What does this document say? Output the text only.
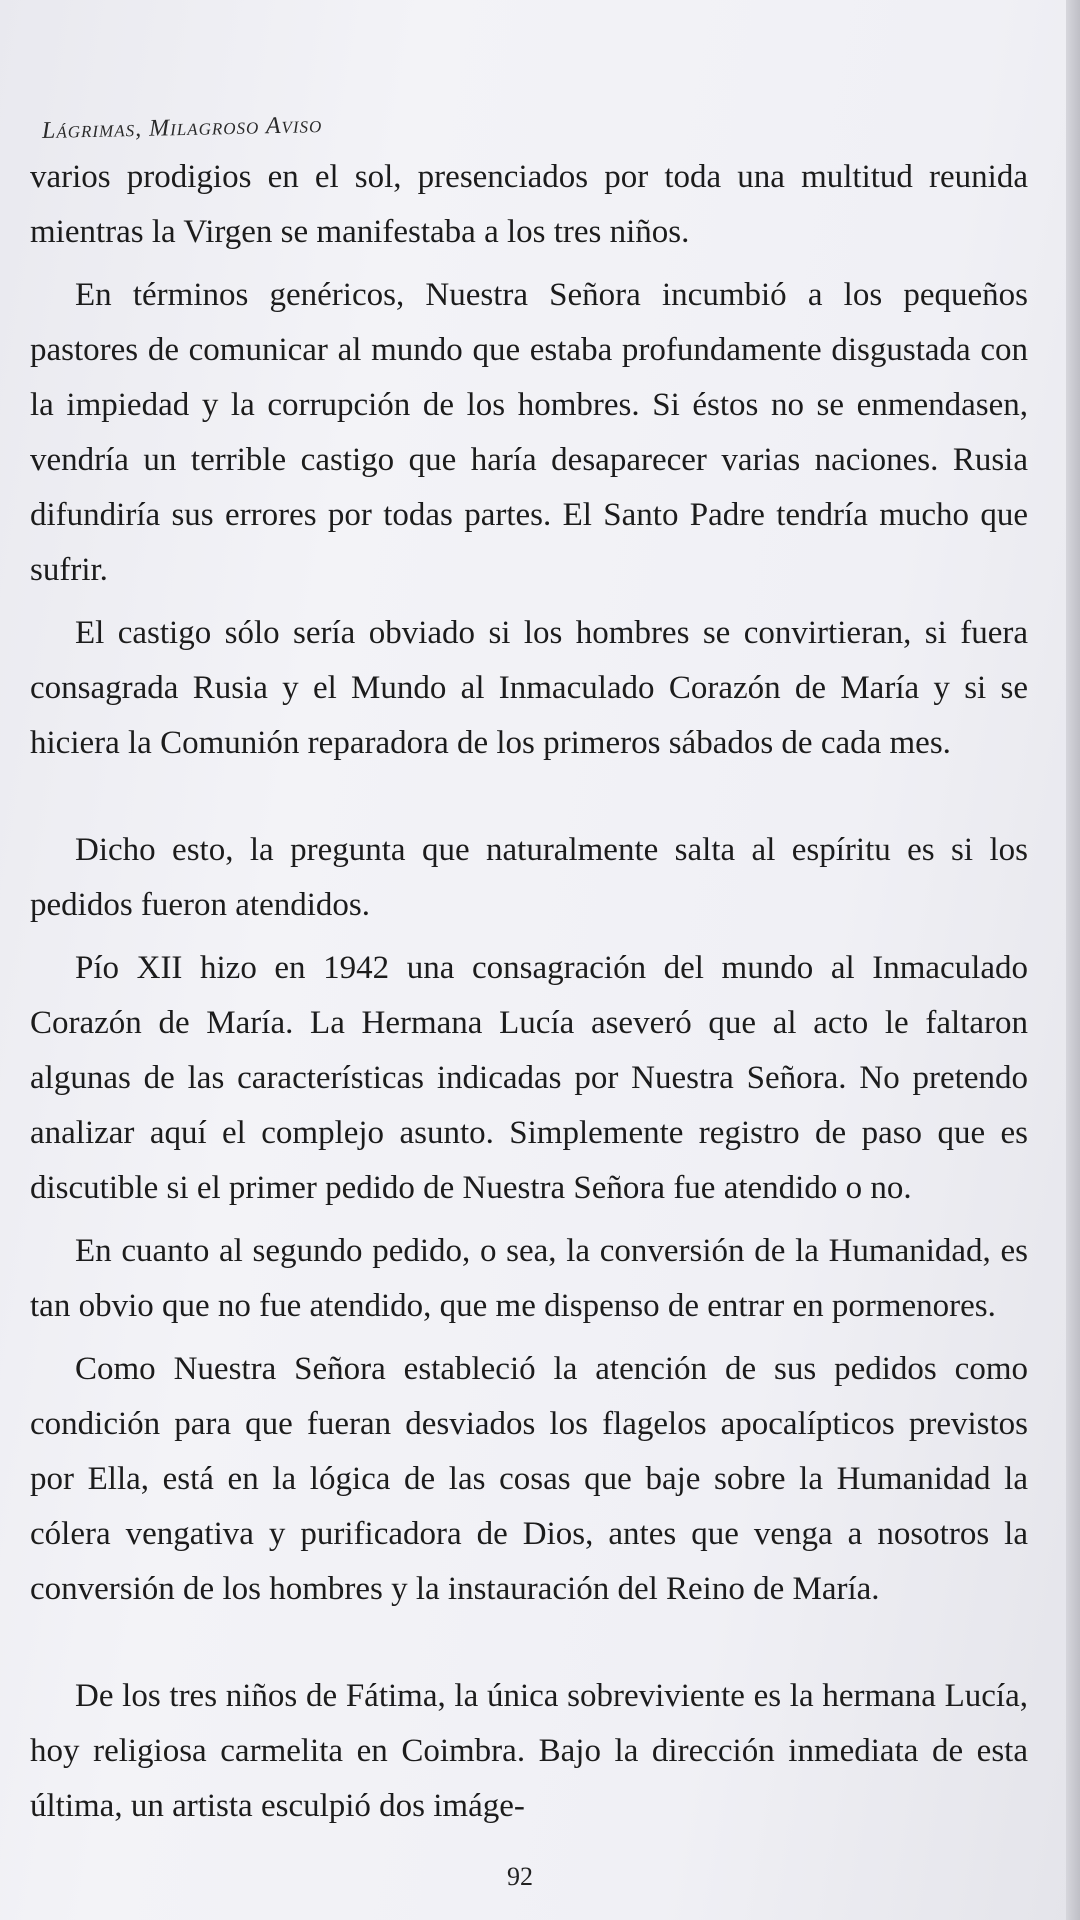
Lágrimas, Milagroso Aviso

varios prodigios en el sol, presenciados por toda una multitud reunida mientras la Virgen se manifestaba a los tres niños.

En términos genéricos, Nuestra Señora incumbió a los pequeños pastores de comunicar al mundo que estaba profundamente disgustada con la impiedad y la corrupción de los hombres. Si éstos no se enmendasen, vendría un terrible castigo que haría desaparecer varias naciones. Rusia difundiría sus errores por todas partes. El Santo Padre tendría mucho que sufrir.

El castigo sólo sería obviado si los hombres se convirtieran, si fuera consagrada Rusia y el Mundo al Inmaculado Corazón de María y si se hiciera la Comunión reparadora de los primeros sábados de cada mes.

Dicho esto, la pregunta que naturalmente salta al espíritu es si los pedidos fueron atendidos.

Pío XII hizo en 1942 una consagración del mundo al Inmaculado Corazón de María. La Hermana Lucía aseveró que al acto le faltaron algunas de las características indicadas por Nuestra Señora. No pretendo analizar aquí el complejo asunto. Simplemente registro de paso que es discutible si el primer pedido de Nuestra Señora fue atendido o no.

En cuanto al segundo pedido, o sea, la conversión de la Humanidad, es tan obvio que no fue atendido, que me dispenso de entrar en pormenores.

Como Nuestra Señora estableció la atención de sus pedidos como condición para que fueran desviados los flagelos apocalípticos previstos por Ella, está en la lógica de las cosas que baje sobre la Humanidad la cólera vengativa y purificadora de Dios, antes que venga a nosotros la conversión de los hombres y la instauración del Reino de María.

De los tres niños de Fátima, la única sobreviviente es la hermana Lucía, hoy religiosa carmelita en Coimbra. Bajo la dirección inmediata de esta última, un artista esculpió dos imáge-

92
